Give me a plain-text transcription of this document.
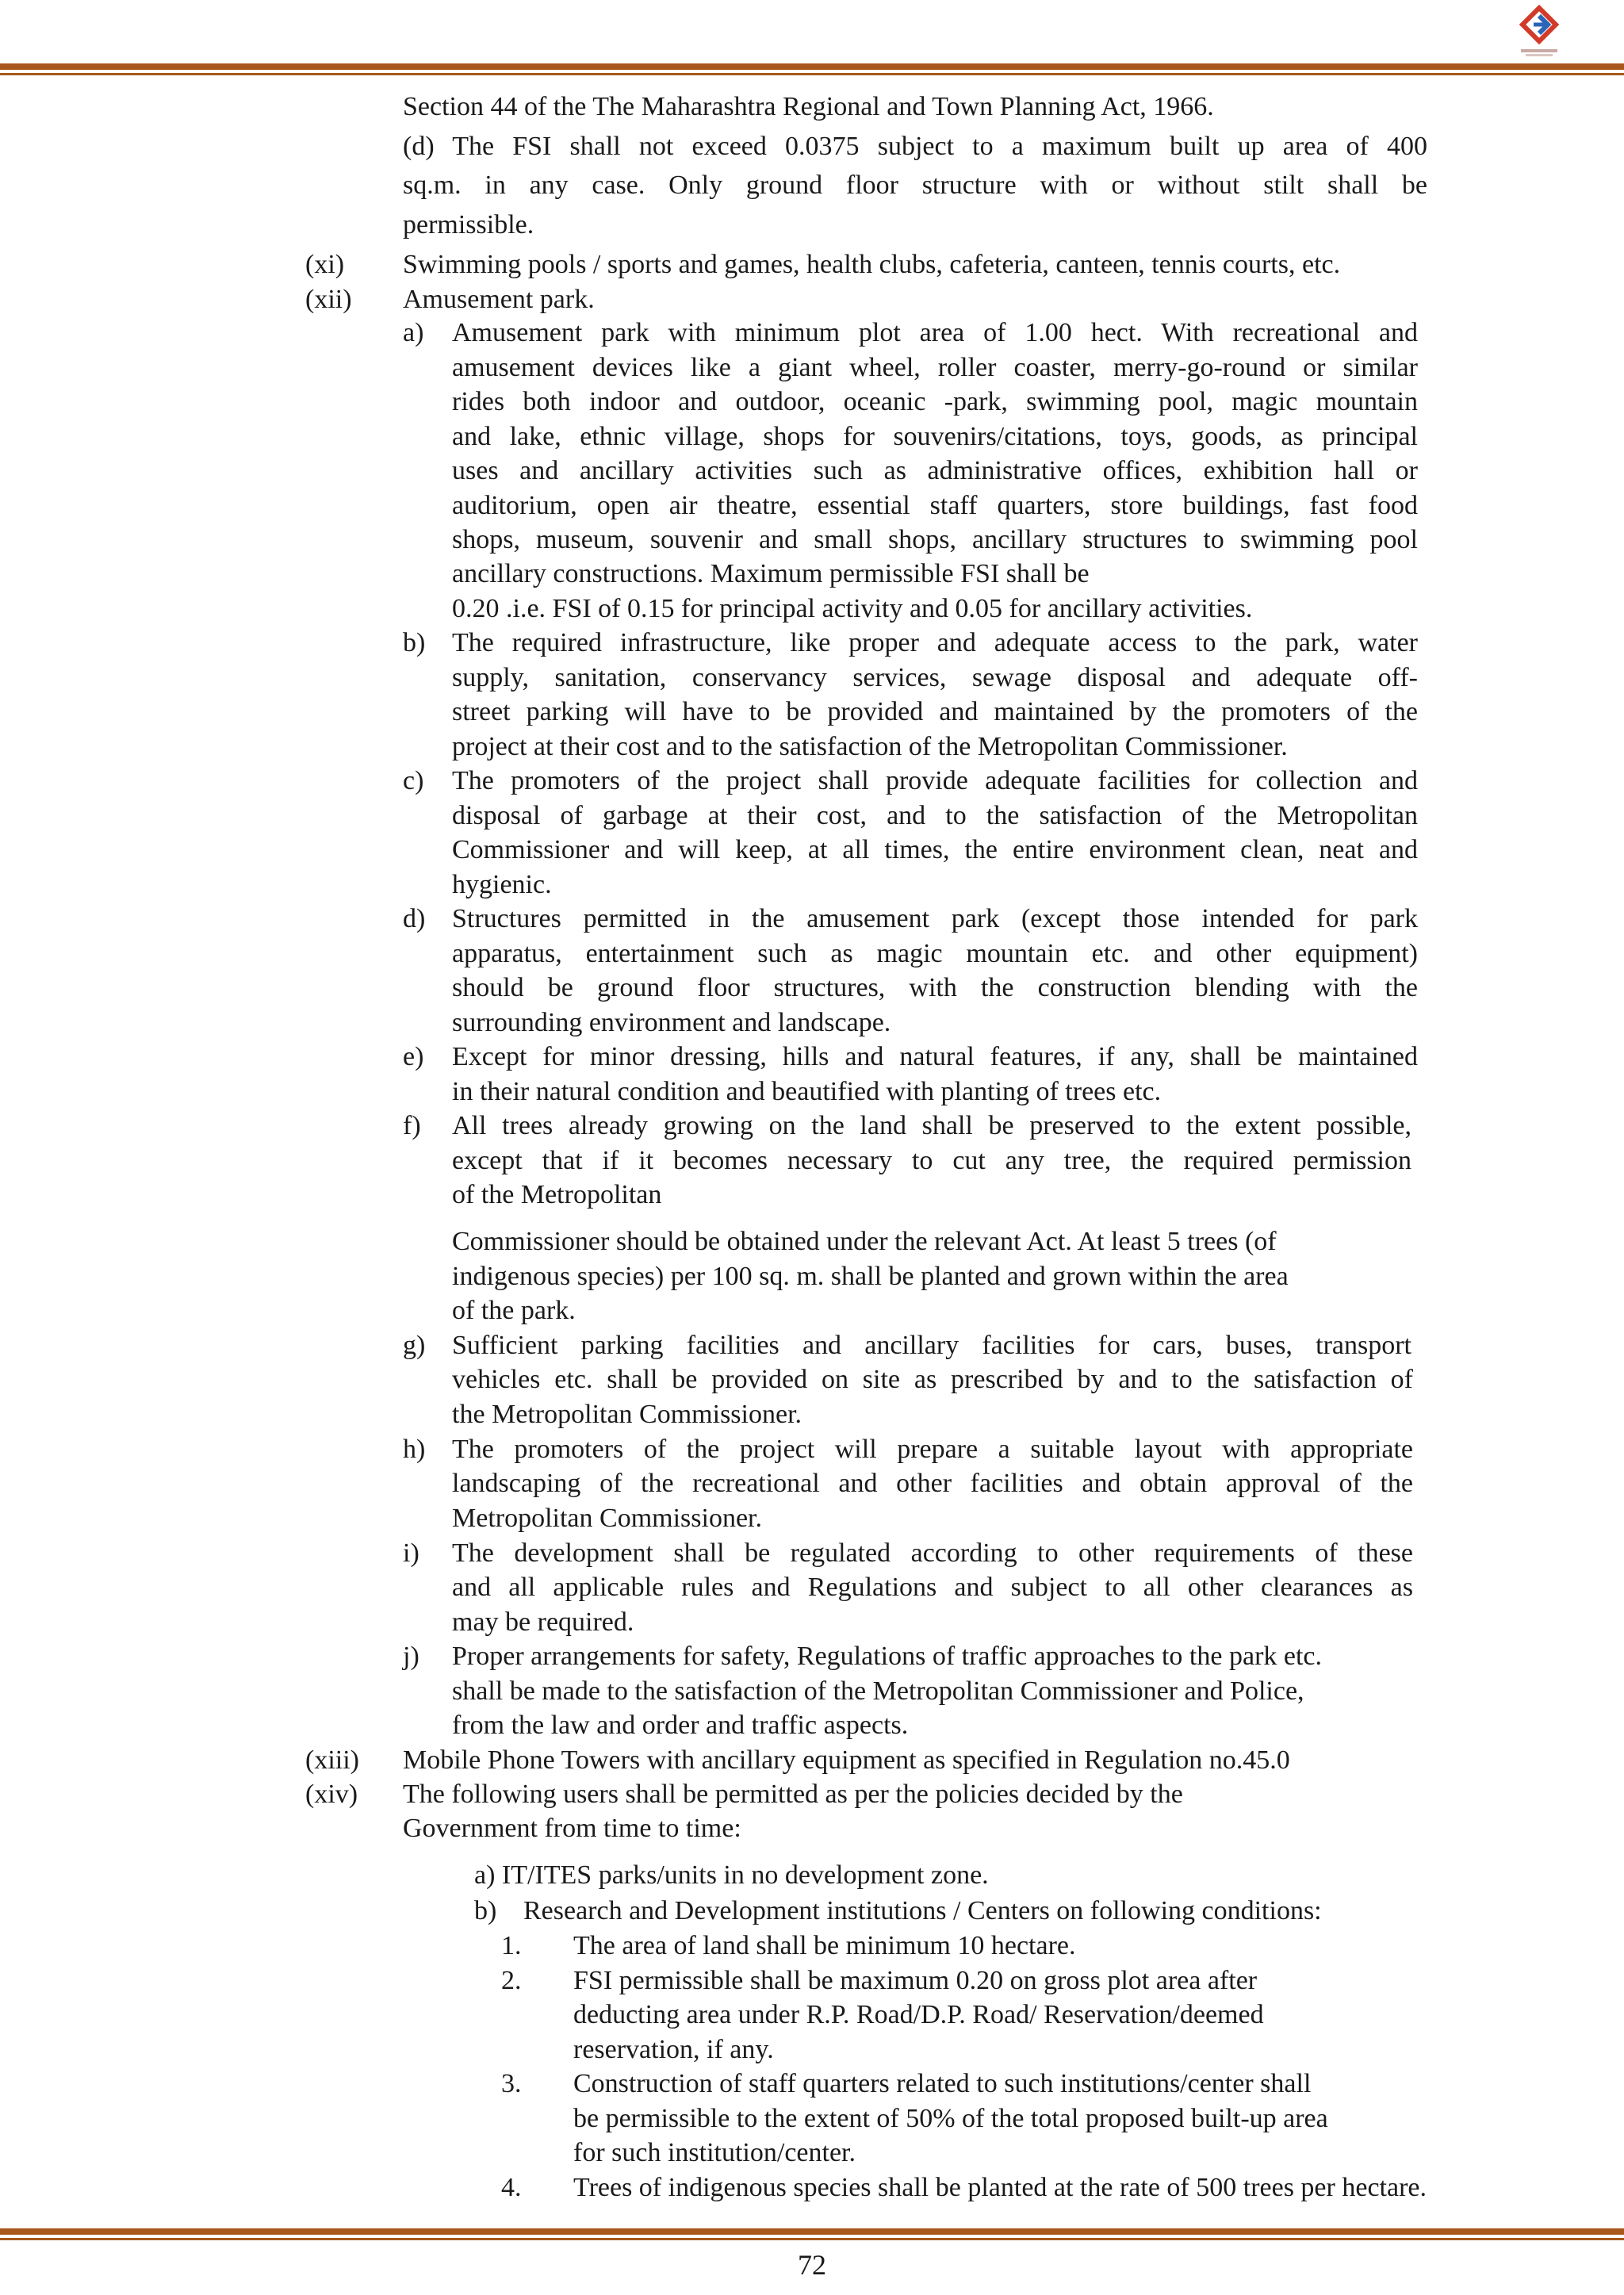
Section 44 of the The Maharashtra Regional and Town Planning Act, 1966.
(d) The FSI shall not exceed 0.0375 subject to a maximum built up area of 400
sq.m. in any case. Only ground floor structure with or without stilt shall be
permissible.
(xi) Swimming pools / sports and games, health clubs, cafeteria, canteen, tennis courts, etc.
(xii) Amusement park.
a) Amusement park with minimum plot area of 1.00 hect. With recreational and
amusement devices like a giant wheel, roller coaster, merry-go-round or similar
rides both indoor and outdoor, oceanic -park, swimming pool, magic mountain
and lake, ethnic village, shops for souvenirs/citations, toys, goods, as principal
uses and ancillary activities such as administrative offices, exhibition hall or
auditorium, open air theatre, essential staff quarters, store buildings, fast food
shops, museum, souvenir and small shops, ancillary structures to swimming pool
ancillary constructions. Maximum permissible FSI shall be
0.20 .i.e. FSI of 0.15 for principal activity and 0.05 for ancillary activities.
b) The required infrastructure, like proper and adequate access to the park, water
supply, sanitation, conservancy services, sewage disposal and adequate off-
street parking will have to be provided and maintained by the promoters of the
project at their cost and to the satisfaction of the Metropolitan Commissioner.
c) The promoters of the project shall provide adequate facilities for collection and
disposal of garbage at their cost, and to the satisfaction of the Metropolitan
Commissioner and will keep, at all times, the entire environment clean, neat and
hygienic.
d) Structures permitted in the amusement park (except those intended for park
apparatus, entertainment such as magic mountain etc. and other equipment)
should be ground floor structures, with the construction blending with the
surrounding environment and landscape.
e) Except for minor dressing, hills and natural features, if any, shall be maintained
in their natural condition and beautified with planting of trees etc.
f) All trees already growing on the land shall be preserved to the extent possible,
except that if it becomes necessary to cut any tree, the required permission
of the Metropolitan
Commissioner should be obtained under the relevant Act. At least 5 trees (of
indigenous species) per 100 sq. m. shall be planted and grown within the area
of the park.
g) Sufficient parking facilities and ancillary facilities for cars, buses, transport
vehicles etc. shall be provided on site as prescribed by and to the satisfaction of
the Metropolitan Commissioner.
h) The promoters of the project will prepare a suitable layout with appropriate
landscaping of the recreational and other facilities and obtain approval of the
Metropolitan Commissioner.
i) The development shall be regulated according to other requirements of these
and all applicable rules and Regulations and subject to all other clearances as
may be required.
j) Proper arrangements for safety, Regulations of traffic approaches to the park etc.
shall be made to the satisfaction of the Metropolitan Commissioner and Police,
from the law and order and traffic aspects.
(xiii) Mobile Phone Towers with ancillary equipment as specified in Regulation no.45.0
(xiv) The following users shall be permitted as per the policies decided by the
Government from time to time:
a) IT/ITES parks/units in no development zone.
b) Research and Development institutions / Centers on following conditions:
1. The area of land shall be minimum 10 hectare.
2. FSI permissible shall be maximum 0.20 on gross plot area after
deducting area under R.P. Road/D.P. Road/ Reservation/deemed
reservation, if any.
3. Construction of staff quarters related to such institutions/center shall
be permissible to the extent of 50% of the total proposed built-up area
for such institution/center.
4. Trees of indigenous species shall be planted at the rate of 500 trees per hectare.
72
